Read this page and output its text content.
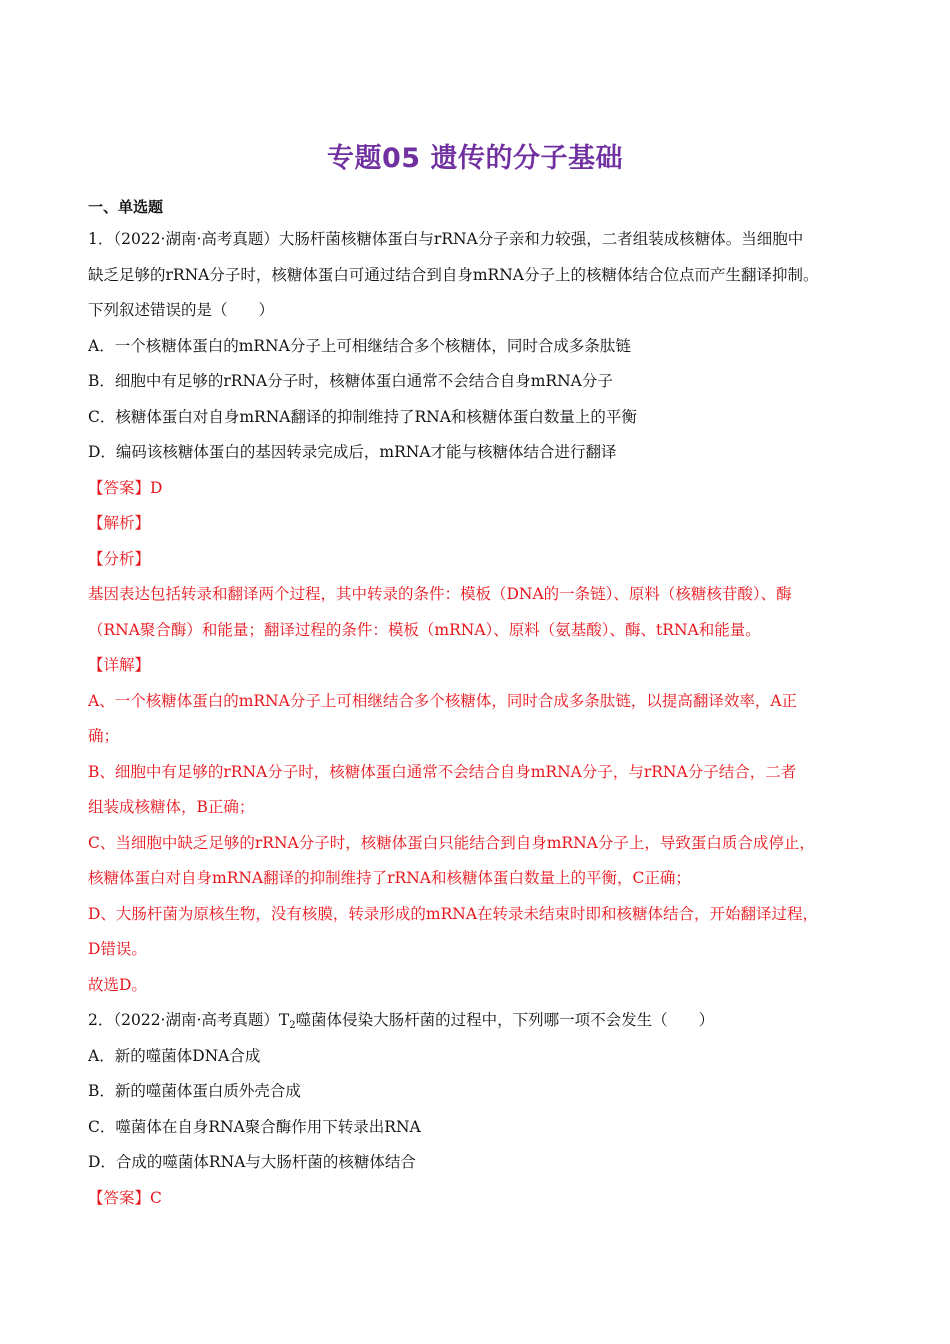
专题05 遗传的分子基础
一、单选题
1．（2022·湖南·高考真题）大肠杆菌核糖体蛋白与rRNA分子亲和力较强，二者组装成核糖体。当细胞中
缺乏足够的rRNA分子时，核糖体蛋白可通过结合到自身mRNA分子上的核糖体结合位点而产生翻译抑制。
下列叙述错误的是（　　）
A．一个核糖体蛋白的mRNA分子上可相继结合多个核糖体，同时合成多条肽链
B．细胞中有足够的rRNA分子时，核糖体蛋白通常不会结合自身mRNA分子
C．核糖体蛋白对自身mRNA翻译的抑制维持了RNA和核糖体蛋白数量上的平衡
D．编码该核糖体蛋白的基因转录完成后，mRNA才能与核糖体结合进行翻译
【答案】D
【解析】
【分析】
基因表达包括转录和翻译两个过程，其中转录的条件：模板（DNA的一条链）、原料（核糖核苷酸）、酶
（RNA聚合酶）和能量；翻译过程的条件：模板（mRNA）、原料（氨基酸）、酶、tRNA和能量。
【详解】
A、一个核糖体蛋白的mRNA分子上可相继结合多个核糖体，同时合成多条肽链，以提高翻译效率，A正
确；
B、细胞中有足够的rRNA分子时，核糖体蛋白通常不会结合自身mRNA分子，与rRNA分子结合，二者
组装成核糖体，B正确；
C、当细胞中缺乏足够的rRNA分子时，核糖体蛋白只能结合到自身mRNA分子上，导致蛋白质合成停止，
核糖体蛋白对自身mRNA翻译的抑制维持了rRNA和核糖体蛋白数量上的平衡，C正确；
D、大肠杆菌为原核生物，没有核膜，转录形成的mRNA在转录未结束时即和核糖体结合，开始翻译过程，
D错误。
故选D。
2．（2022·湖南·高考真题）$T_2$噬菌体侵染大肠杆菌的过程中，下列哪一项不会发生（　　）
A．新的噬菌体DNA合成
B．新的噬菌体蛋白质外壳合成
C．噬菌体在自身RNA聚合酶作用下转录出RNA
D．合成的噬菌体RNA与大肠杆菌的核糖体结合
【答案】C
